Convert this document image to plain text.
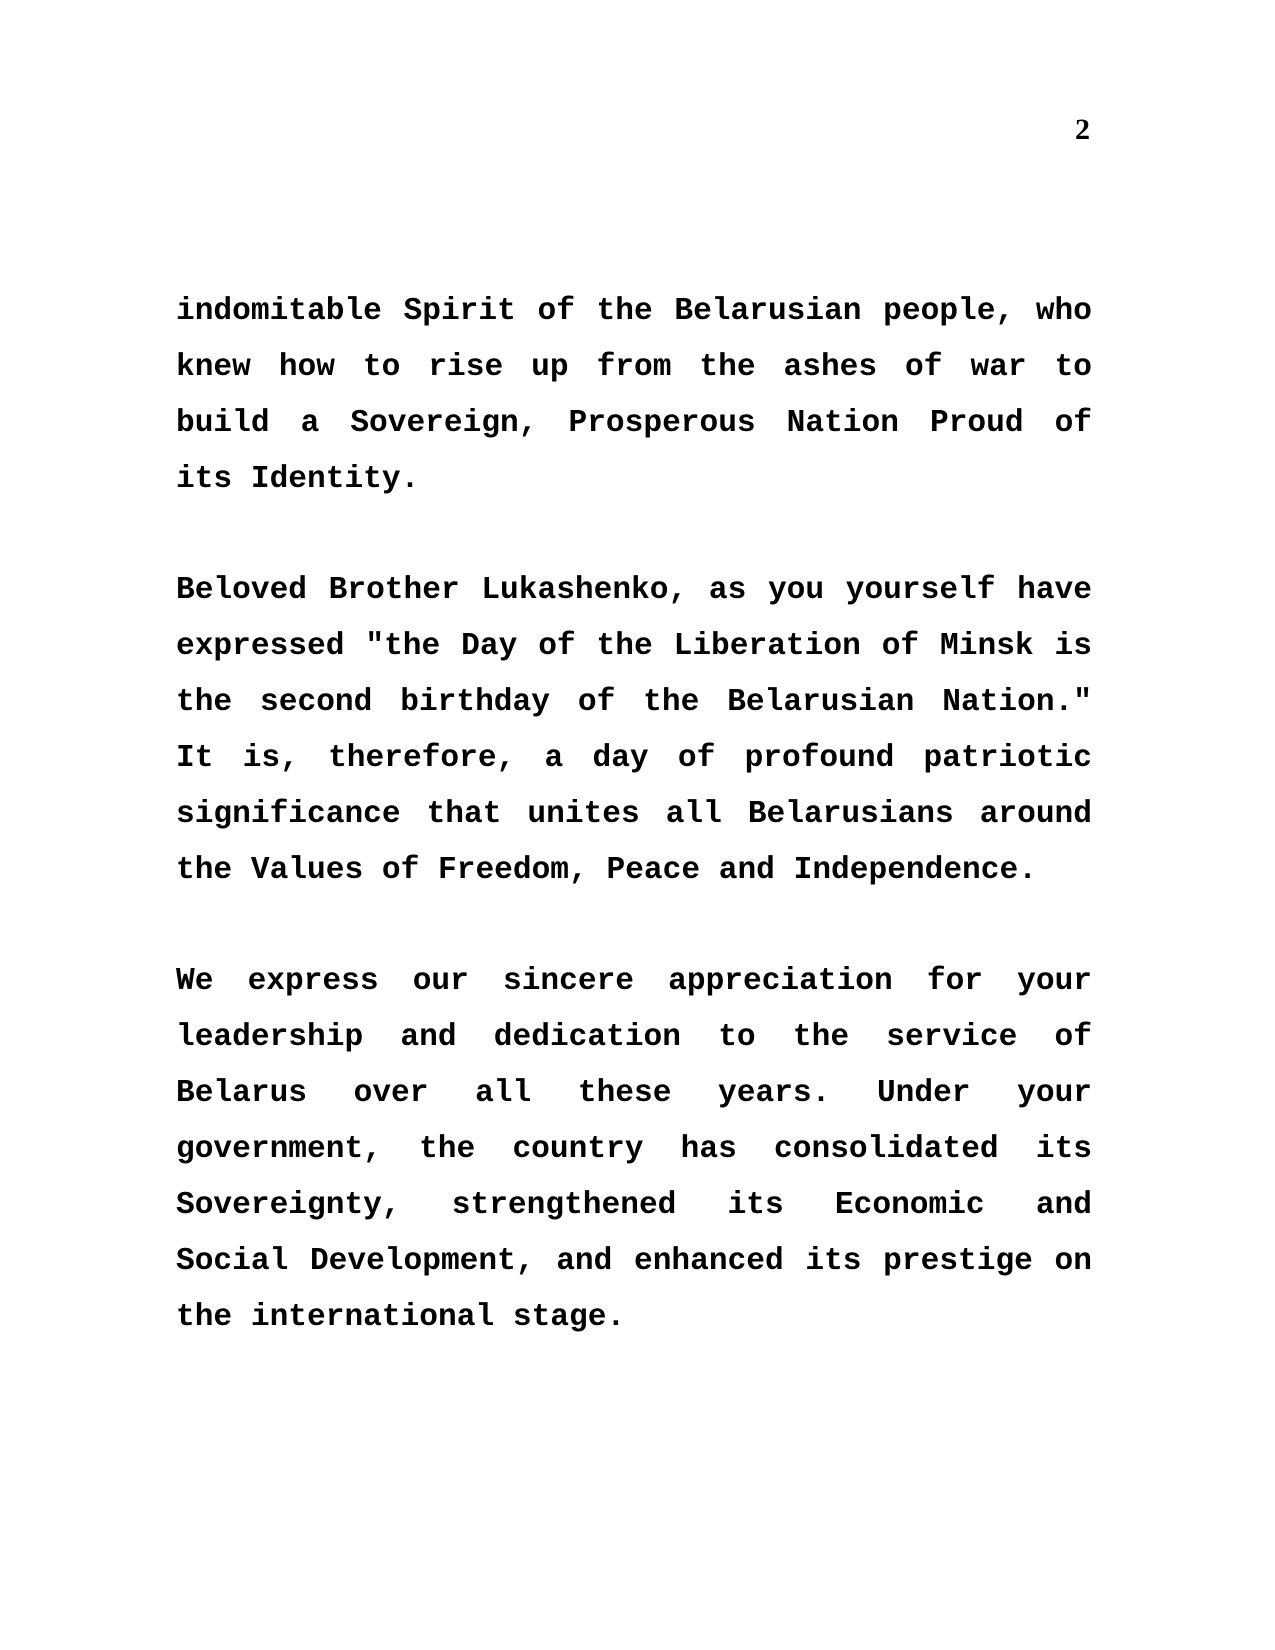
2

indomitable Spirit of the Belarusian people, who knew how to rise up from the ashes of war to build a Sovereign, Prosperous Nation Proud of its Identity.

Beloved Brother Lukashenko, as you yourself have expressed "the Day of the Liberation of Minsk is the second birthday of the Belarusian Nation." It is, therefore, a day of profound patriotic significance that unites all Belarusians around the Values of Freedom, Peace and Independence.

We express our sincere appreciation for your leadership and dedication to the service of Belarus over all these years. Under your government, the country has consolidated its Sovereignty, strengthened its Economic and Social Development, and enhanced its prestige on the international stage.
